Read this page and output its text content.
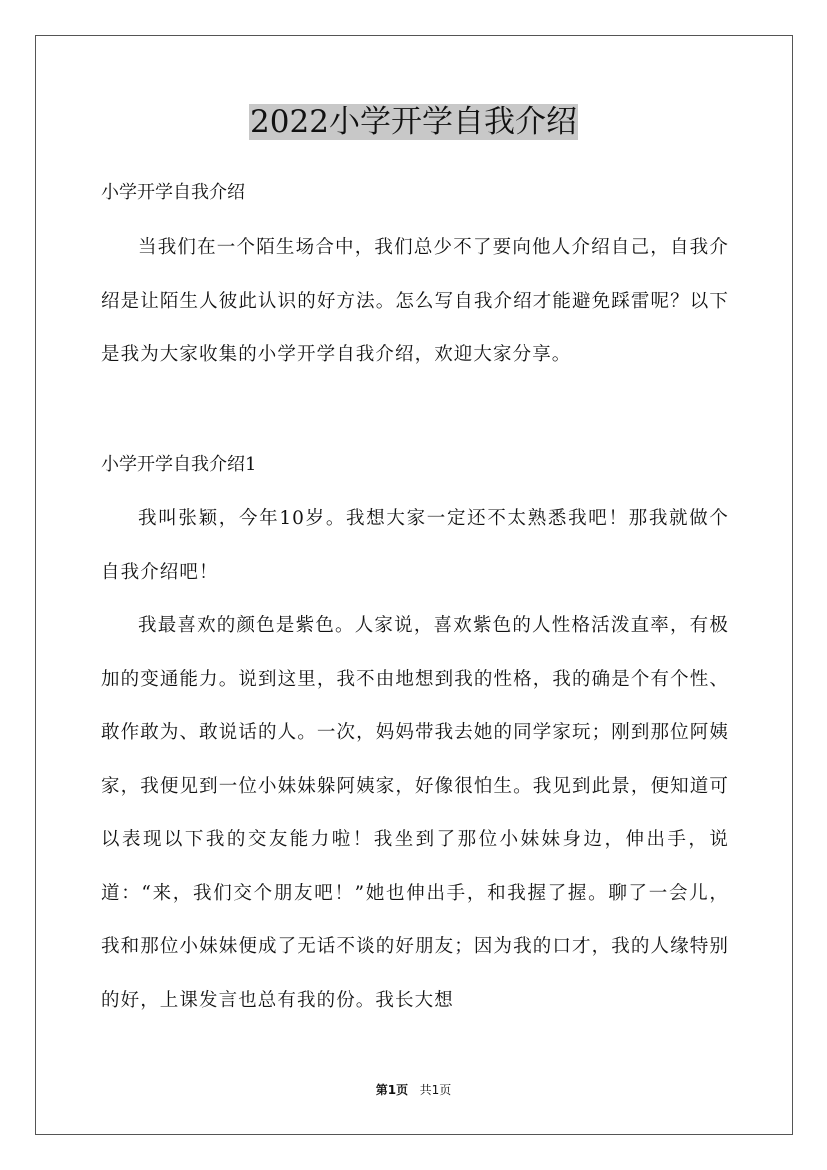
2022小学开学自我介绍
小学开学自我介绍

当我们在一个陌生场合中，我们总少不了要向他人介绍自己，自我介绍是让陌生人彼此认识的好方法。怎么写自我介绍才能避免踩雷呢？以下是我为大家收集的小学开学自我介绍，欢迎大家分享。

小学开学自我介绍1

我叫张颖，今年10岁。我想大家一定还不太熟悉我吧！那我就做个自我介绍吧！

我最喜欢的颜色是紫色。人家说，喜欢紫色的人性格活泼直率，有极加的变通能力。说到这里，我不由地想到我的性格，我的确是个有个性、敢作敢为、敢说话的人。一次，妈妈带我去她的同学家玩；刚到那位阿姨家，我便见到一位小妹妹躲阿姨家，好像很怕生。我见到此景，便知道可以表现以下我的交友能力啦！我坐到了那位小妹妹身边，伸出手，说道：“来，我们交个朋友吧！”她也伸出手，和我握了握。聊了一会儿，我和那位小妹妹便成了无话不谈的好朋友；因为我的口才，我的人缘特别的好，上课发言也总有我的份。我长大想

第1页 共1页
